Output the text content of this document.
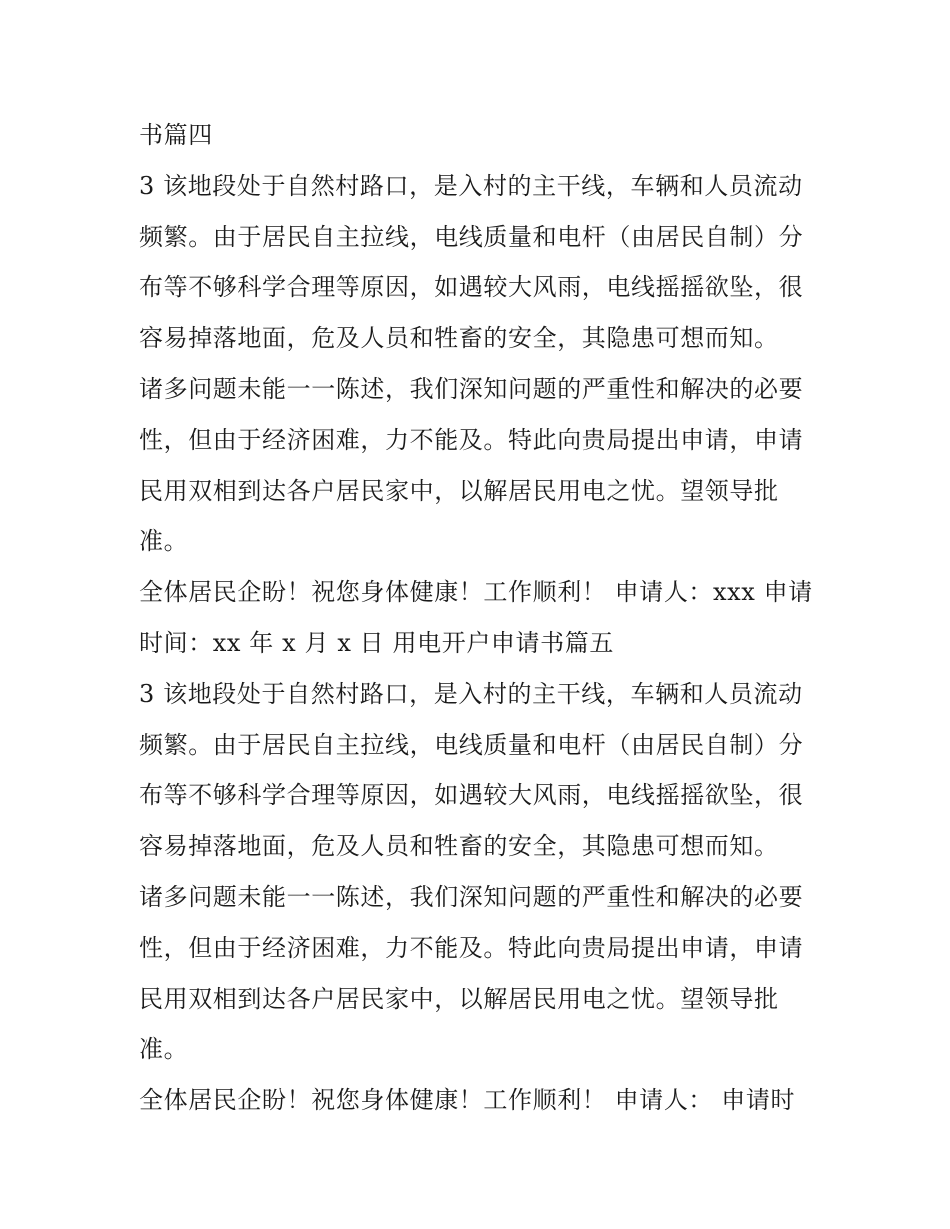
书篇四
3 该地段处于自然村路口，是入村的主干线，车辆和人员流动
频繁。由于居民自主拉线，电线质量和电杆（由居民自制）分
布等不够科学合理等原因，如遇较大风雨，电线摇摇欲坠，很
容易掉落地面，危及人员和牲畜的安全，其隐患可想而知。
诸多问题未能一一陈述，我们深知问题的严重性和解决的必要
性，但由于经济困难，力不能及。特此向贵局提出申请，申请
民用双相到达各户居民家中，以解居民用电之忧。望领导批
准。
全体居民企盼！祝您身体健康！工作顺利！ 申请人：xxx 申请
时间：xx 年 x 月 x 日 用电开户申请书篇五
3 该地段处于自然村路口，是入村的主干线，车辆和人员流动
频繁。由于居民自主拉线，电线质量和电杆（由居民自制）分
布等不够科学合理等原因，如遇较大风雨，电线摇摇欲坠，很
容易掉落地面，危及人员和牲畜的安全，其隐患可想而知。
诸多问题未能一一陈述，我们深知问题的严重性和解决的必要
性，但由于经济困难，力不能及。特此向贵局提出申请，申请
民用双相到达各户居民家中，以解居民用电之忧。望领导批
准。
全体居民企盼！祝您身体健康！工作顺利！ 申请人： 申请时
